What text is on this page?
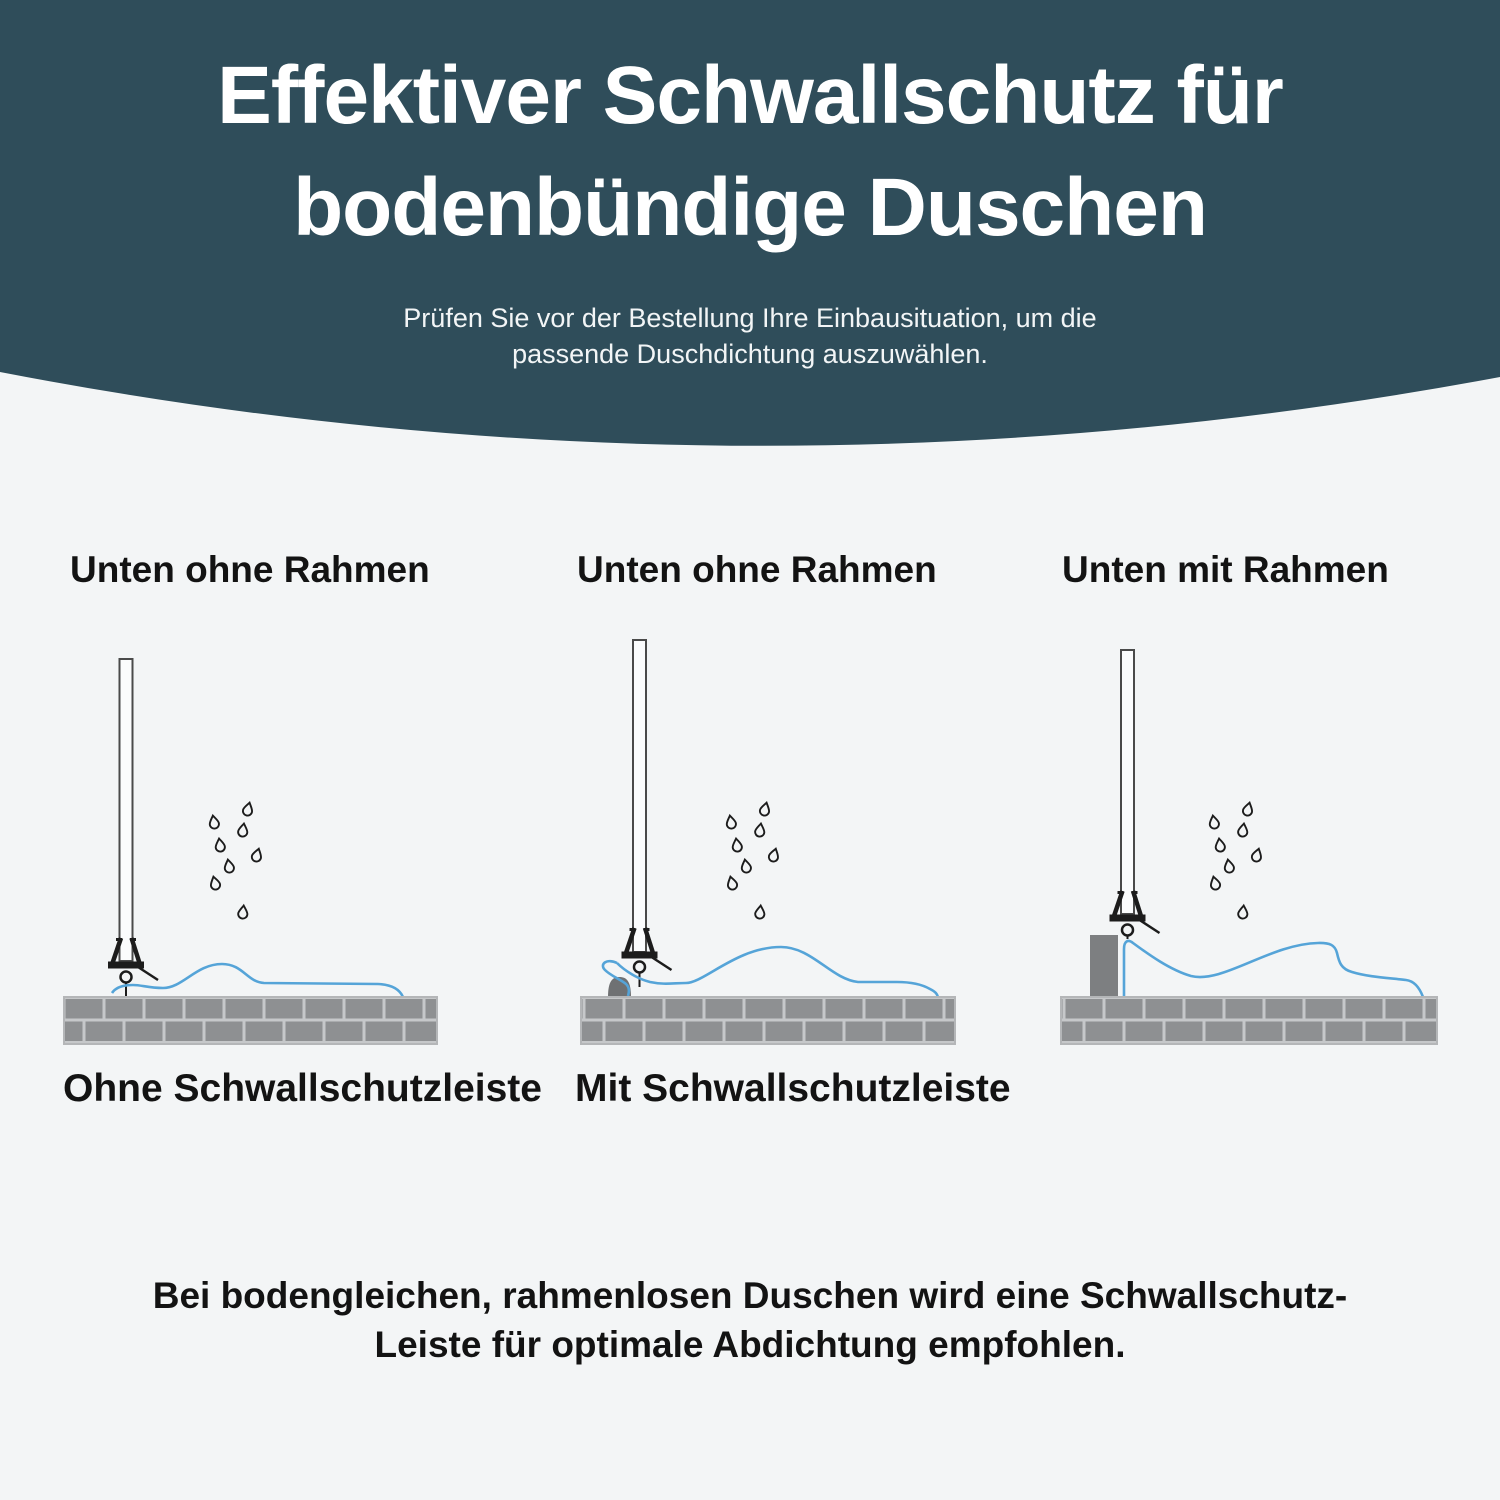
Effektiver Schwallschutz für
bodenbündige Duschen
Prüfen Sie vor der Bestellung Ihre Einbausituation, um die
passende Duschdichtung auszuwählen.
Unten ohne Rahmen	Unten ohne Rahmen	Unten mit Rahmen
Ohne Schwallschutzleiste Mit Schwallschutzleiste
Bei bodengleichen, rahmenlosen Duschen wird eine Schwallschutz-
Leiste für optimale Abdichtung empfohlen.
